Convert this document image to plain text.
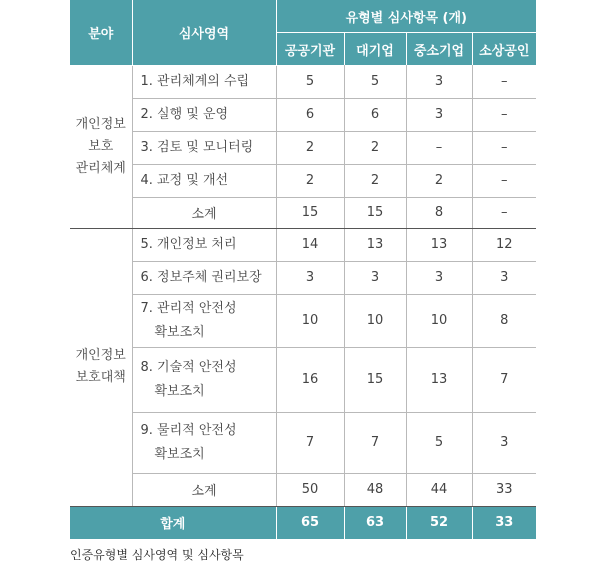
분야	심사영역	유형별 심사항목 (개)			
		공공기관	대기업	중소기업	소상공인

개인정보
보호
관리체계	1. 관리체계의 수립	5	5	3	–

	2. 실행 및 운영	6	6	3	–

	3. 검토 및 모니터링	2	2	–	–

	4. 교정 및 개선	2	2	2	–
	소계	15	15	8	–

개인정보
보호대책	5. 개인정보 처리	14	13	13	12

	6. 정보주체 권리보장	3	3	3	3

	7. 관리적 안전성
확보조치	10	10	10	8

	8. 기술적 안전성
확보조치	16	15	13	7

	9. 물리적 안전성
확보조치	7	7	5	3
	소계	50	48	44	33
합계		65	63	52	33
인증유형별 심사영역 및 심사항목
